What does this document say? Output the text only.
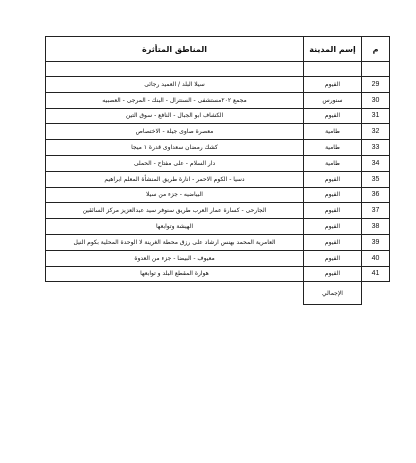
م	إسم المدينة	المناطق المتأثرة

29	الفيوم	سيلا البلد / العميد رجائى
30	سنورس	مجمع ٢٠٢مستشفى - السنترال - البنك - المرجى - العصبيه
31	الفيوم	الكشاف ابو الجبال - النافع - سوق التين
32	طامية	معصرة صاوى جيلة - الاختصاص
33	طامية	كشك رمضان سعداوى قدرة ١ ميجا
34	طامية	دار السلام - على مفتاح - الحملى
35	الفيوم	دسيا - الكوم الاحمر - انارة طريق المنشأة المعلم ابراهيم
36	الفيوم	البياضيه - جزء من سيلا
37	الفيوم	الجارحى - كسارة عمار العرب طريق سنوفر سيد عبدالعزيز مركز السائقين
38	الفيوم	الهيشة وتوابعها
39	الفيوم	العامرية المحمد بهنس ارشاد على رزق محطة الغرينة لا الوحدة المحلية بكوم النيل
40	الفيوم	معيوف - البيضا - جزء من العدوة
41	الفيوم	هوارة المقطع البلد و توابعها
	الإجمالي	
